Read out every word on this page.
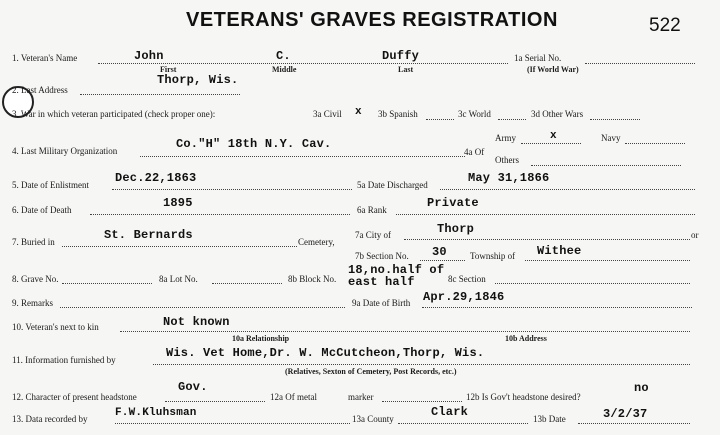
VETERANS' GRAVES REGISTRATION	522
1. Veteran's Name	John	C.	Duffy	1a Serial No.
First	Middle	Last	(If World War)
Thorp, Wis.
2. Last Address
3. War in which veteran participated (check proper one):	3a Civil x 3b Spanish	3c World	3d Other Wars
Army	x	Navy
4. Last Military Organization	Co."H" 18th N.Y. Cav.
4a Of
Others
5. Date of Enlistment Dec.22,1863	5a Date Discharged	May 31,1866
6. Date of Death	1895	6a Rank	Private
7. Buried in	St. Bernards	Cemetery,
7a City of	Thorp	or
7b Section No. 30	Township of Withee
8. Grave No.	8a Lot No.	8b Block No.
18,no.half of
east half	8c Section
9. Remarks	9a Date of Birth Apr.29,1846
10. Veteran's next to kin	Not known
10a Relationship	10b Address
11. Information furnished by	Wis. Vet Home,Dr. W. McCutcheon,Thorp, Wis.
(Relatives, Sexton of Cemetery, Post Records, etc.)
12. Character of present headstone
Gov.
12a Of metal	marker	12b Is Gov't headstone desired?
no
13. Data recorded by	F.W.Kluhsman	13a County	Clark	13b Date	3/2/37
